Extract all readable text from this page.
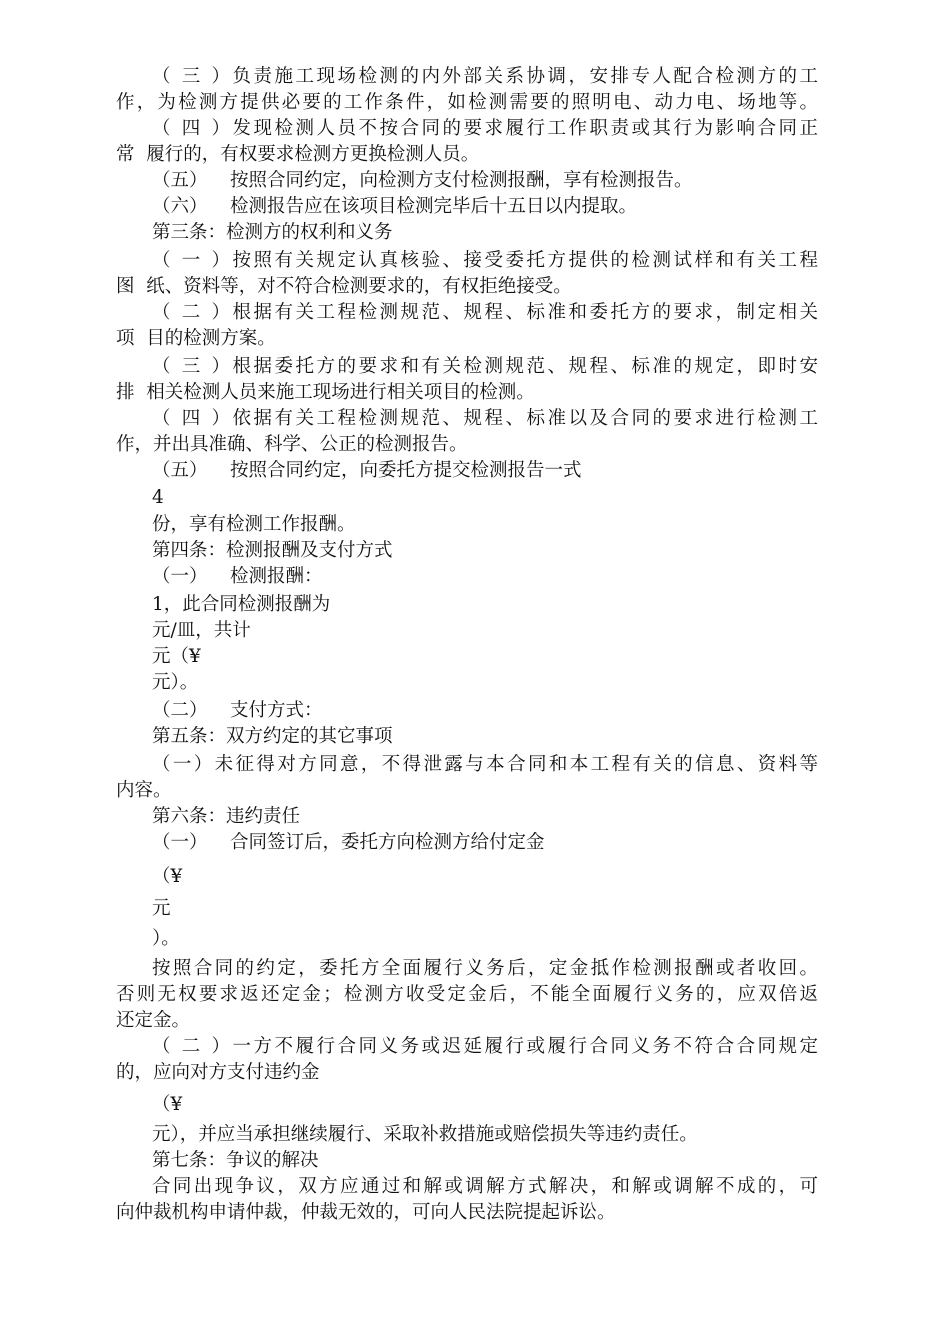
（三）负责施工现场检测的内外部关系协调，安排专人配合检测方的工
作，为检测方提供必要的工作条件，如检测需要的照明电、动力电、场地等。
（四）发现检测人员不按合同的要求履行工作职责或其行为影响合同正
常  履行的，有权要求检测方更换检测人员。
（五） 按照合同约定，向检测方支付检测报酬，享有检测报告。
（六） 检测报告应在该项目检测完毕后十五日以内提取。
第三条：检测方的权利和义务
（一）按照有关规定认真核验、接受委托方提供的检测试样和有关工程
图  纸、资料等，对不符合检测要求的，有权拒绝接受。
（二）根据有关工程检测规范、规程、标准和委托方的要求，制定相关
项  目的检测方案。
（三）根据委托方的要求和有关检测规范、规程、标准的规定，即时安
排  相关检测人员来施工现场进行相关项目的检测。
（四）依据有关工程检测规范、规程、标准以及合同的要求进行检测工
作，并出具准确、科学、公正的检测报告。
（五） 按照合同约定，向委托方提交检测报告一式
4
份，享有检测工作报酬。
第四条：检测报酬及支付方式
（一） 检测报酬：
1，此合同检测报酬为
元/皿，共计
元（¥
元）。
（二） 支付方式：
第五条：双方约定的其它事项
（一）未征得对方同意，不得泄露与本合同和本工程有关的信息、资料等
内容。
第六条：违约责任
（一） 合同签订后，委托方向检测方给付定金
（¥
元
）。
按照合同的约定，委托方全面履行义务后，定金抵作检测报酬或者收回。
否则无权要求返还定金；检测方收受定金后，不能全面履行义务的，应双倍返
还定金。
（二）一方不履行合同义务或迟延履行或履行合同义务不符合合同规定
的，应向对方支付违约金
（¥
元），并应当承担继续履行、采取补救措施或赔偿损失等违约责任。
第七条：争议的解决
合同出现争议，双方应通过和解或调解方式解决，和解或调解不成的，可
向仲裁机构申请仲裁，仲裁无效的，可向人民法院提起诉讼。
